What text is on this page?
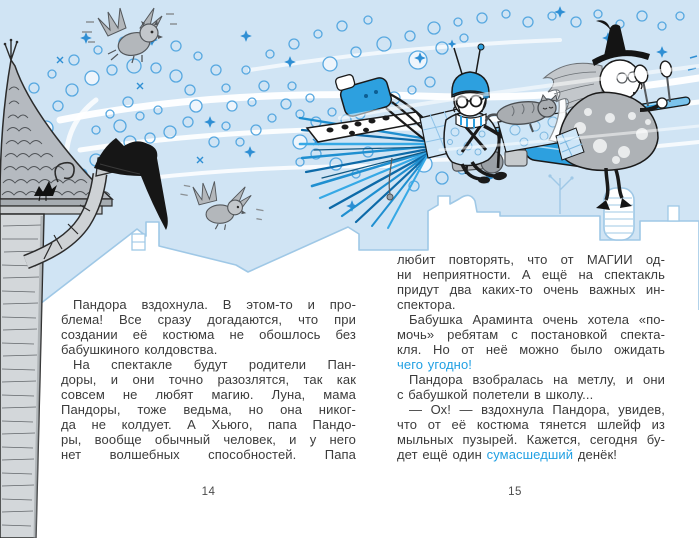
Пандора вздохнула. В этом-то и про-
блема! Все сразу догадаются, что при
создании её костюма не обошлось без
бабушкиного колдовства.
На спектакле будут родители Пан-
доры, и они точно разозлятся, так как
совсем не любят магию. Луна, мама
Пандоры, тоже ведьма, но она никог-
да не колдует. А Хьюго, папа Пандо-
ры, вообще обычный человек, и у него
нет волшебных способностей. Папа
14
любит повторять, что от МАГИИ од-
ни неприятности. А ещё на спектакль
придут два каких-то очень важных ин-
спектора.
Бабушка Араминта очень хотела «по-
мочь» ребятам с постановкой спекта-
кля. Но от неё можно было ожидать
чего угодно!
Пандора взобралась на метлу, и они
с бабушкой полетели в школу...
— Ох! — вздохнула Пандора, увидев,
что от её костюма тянется шлейф из
мыльных пузырей. Кажется, сегодня бу-
дет ещё один сумасшедший денёк!
15
